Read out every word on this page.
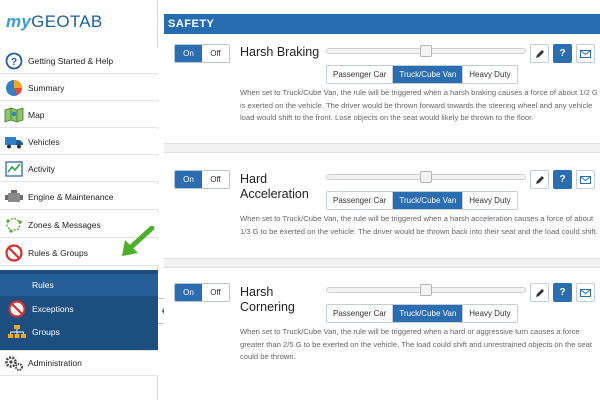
myGEOTAB
? Getting Started & Help
Summary
Map
Vehicles
Activity
Engine & Maintenance
Zones & Messages
Rules & Groups
Rules
Exceptions
Groups
Administration
SAFETY
On	Off	Harsh Braking	?
Passenger Car	Truck/Cube Van	Heavy Duty
When set to Truck/Cube Van, the rule will be triggered when a harsh braking causes a force of about 1/2 G is exerted on the vehicle. The driver would be thrown forward towards the steering wheel and any vehicle load would shift to the front. Lose objects on the seat would likely be thrown to the floor.
On	Off	Hard
Acceleration
?
Passenger Car	Truck/Cube Van	Heavy Duty
When set to Truck/Cube Van, the rule will be triggered when a harsh acceleration causes a force of about 1/3 G to be exerted on the vehicle. The driver would be thrown back into their seat and the load could shift.
On	Off	Harsh
Cornering
?
Passenger Car	Truck/Cube Van	Heavy Duty
When set to Truck/Cube Van, the rule will be triggered when a hard or aggressive turn causes a force greater than 2/5 G to be exerted on the vehicle. The load could shift and unrestrained objects on the seat could be thrown.
